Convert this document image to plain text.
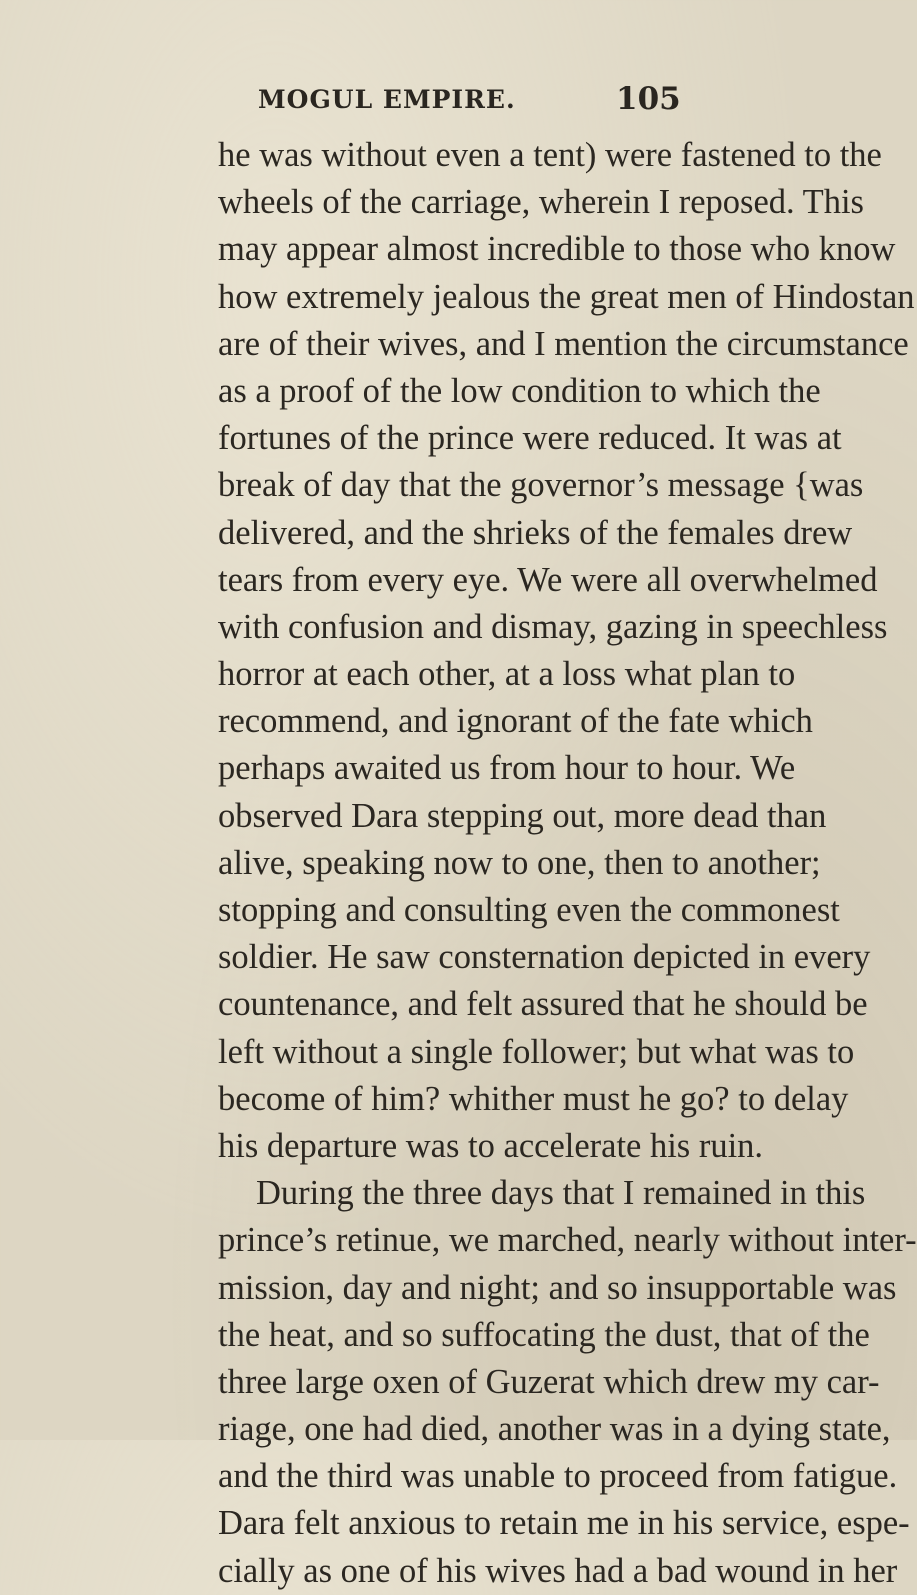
MOGUL EMPIRE.	105
he was without even a tent) were fastened to the
wheels of the carriage, wherein I reposed. This
may appear almost incredible to those who know
how extremely jealous the great men of Hindostan
are of their wives, and I mention the circumstance
as a proof of the low condition to which the
fortunes of the prince were reduced. It was at
break of day that the governor’s message {was
delivered, and the shrieks of the females drew
tears from every eye. We were all overwhelmed
with confusion and dismay, gazing in speechless
horror at each other, at a loss what plan to
recommend, and ignorant of the fate which
perhaps awaited us from hour to hour. We
observed Dara stepping out, more dead than
alive, speaking now to one, then to another;
stopping and consulting even the commonest
soldier. He saw consternation depicted in every
countenance, and felt assured that he should be
left without a single follower; but what was to
become of him? whither must he go? to delay
his departure was to accelerate his ruin.
During the three days that I remained in this
prince’s retinue, we marched, nearly without inter-
mission, day and night; and so insupportable was
the heat, and so suffocating the dust, that of the
three large oxen of Guzerat which drew my car-
riage, one had died, another was in a dying state,
and the third was unable to proceed from fatigue.
Dara felt anxious to retain me in his service, espe-
cially as one of his wives had a bad wound in her
